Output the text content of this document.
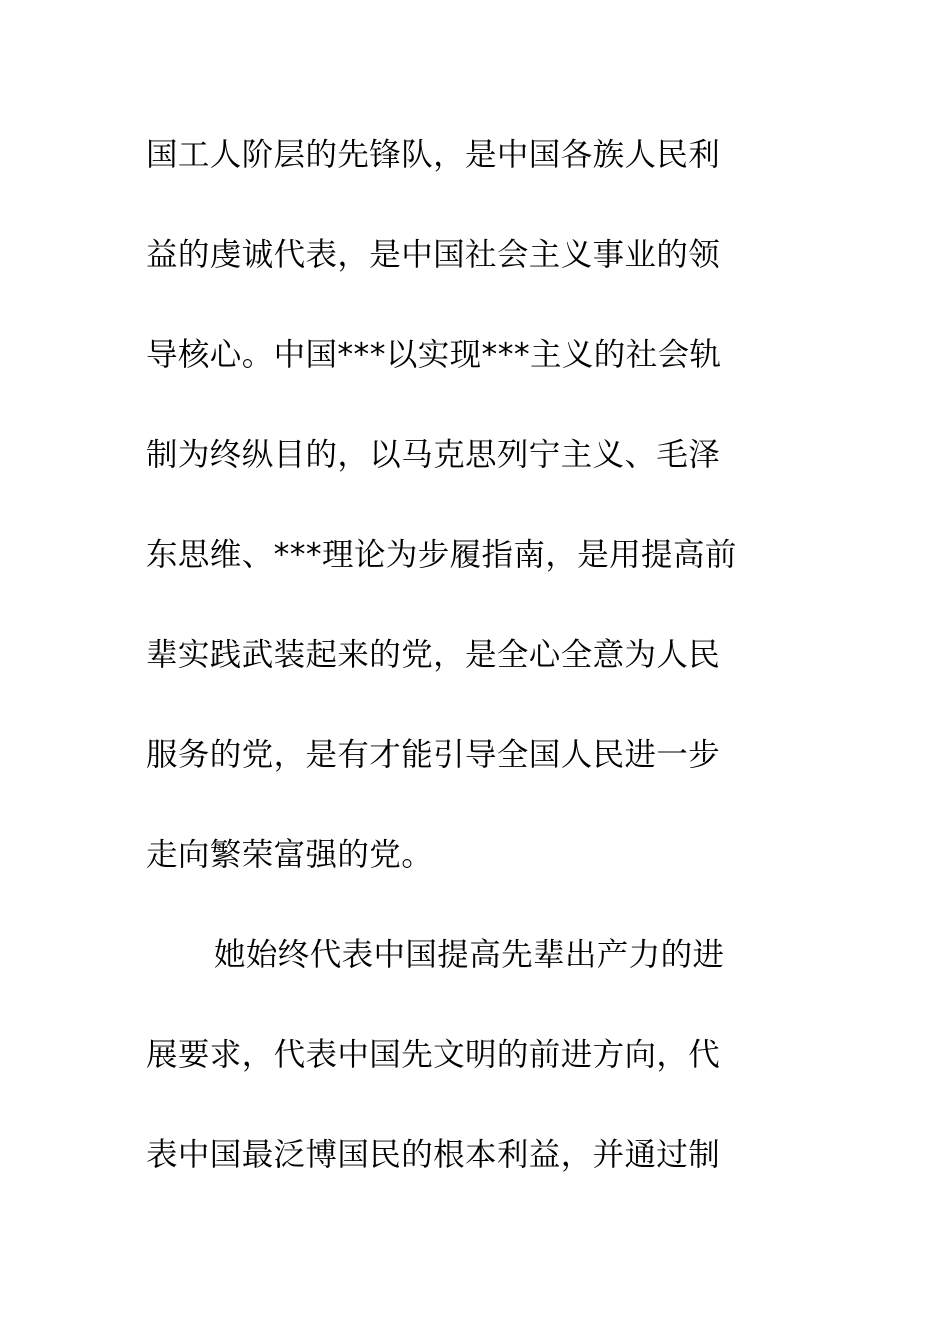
国工人阶层的先锋队，是中国各族人民利
益的虔诚代表，是中国社会主义事业的领
导核心。中国***以实现***主义的社会轨
制为终纵目的，以马克思列宁主义、毛泽
东思维、***理论为步履指南，是用提高前
辈实践武装起来的党，是全心全意为人民
服务的党，是有才能引导全国人民进一步
走向繁荣富强的党。
她始终代表中国提高先辈出产力的进
展要求，代表中国先文明的前进方向，代
表中国最泛博国民的根本利益，并通过制
